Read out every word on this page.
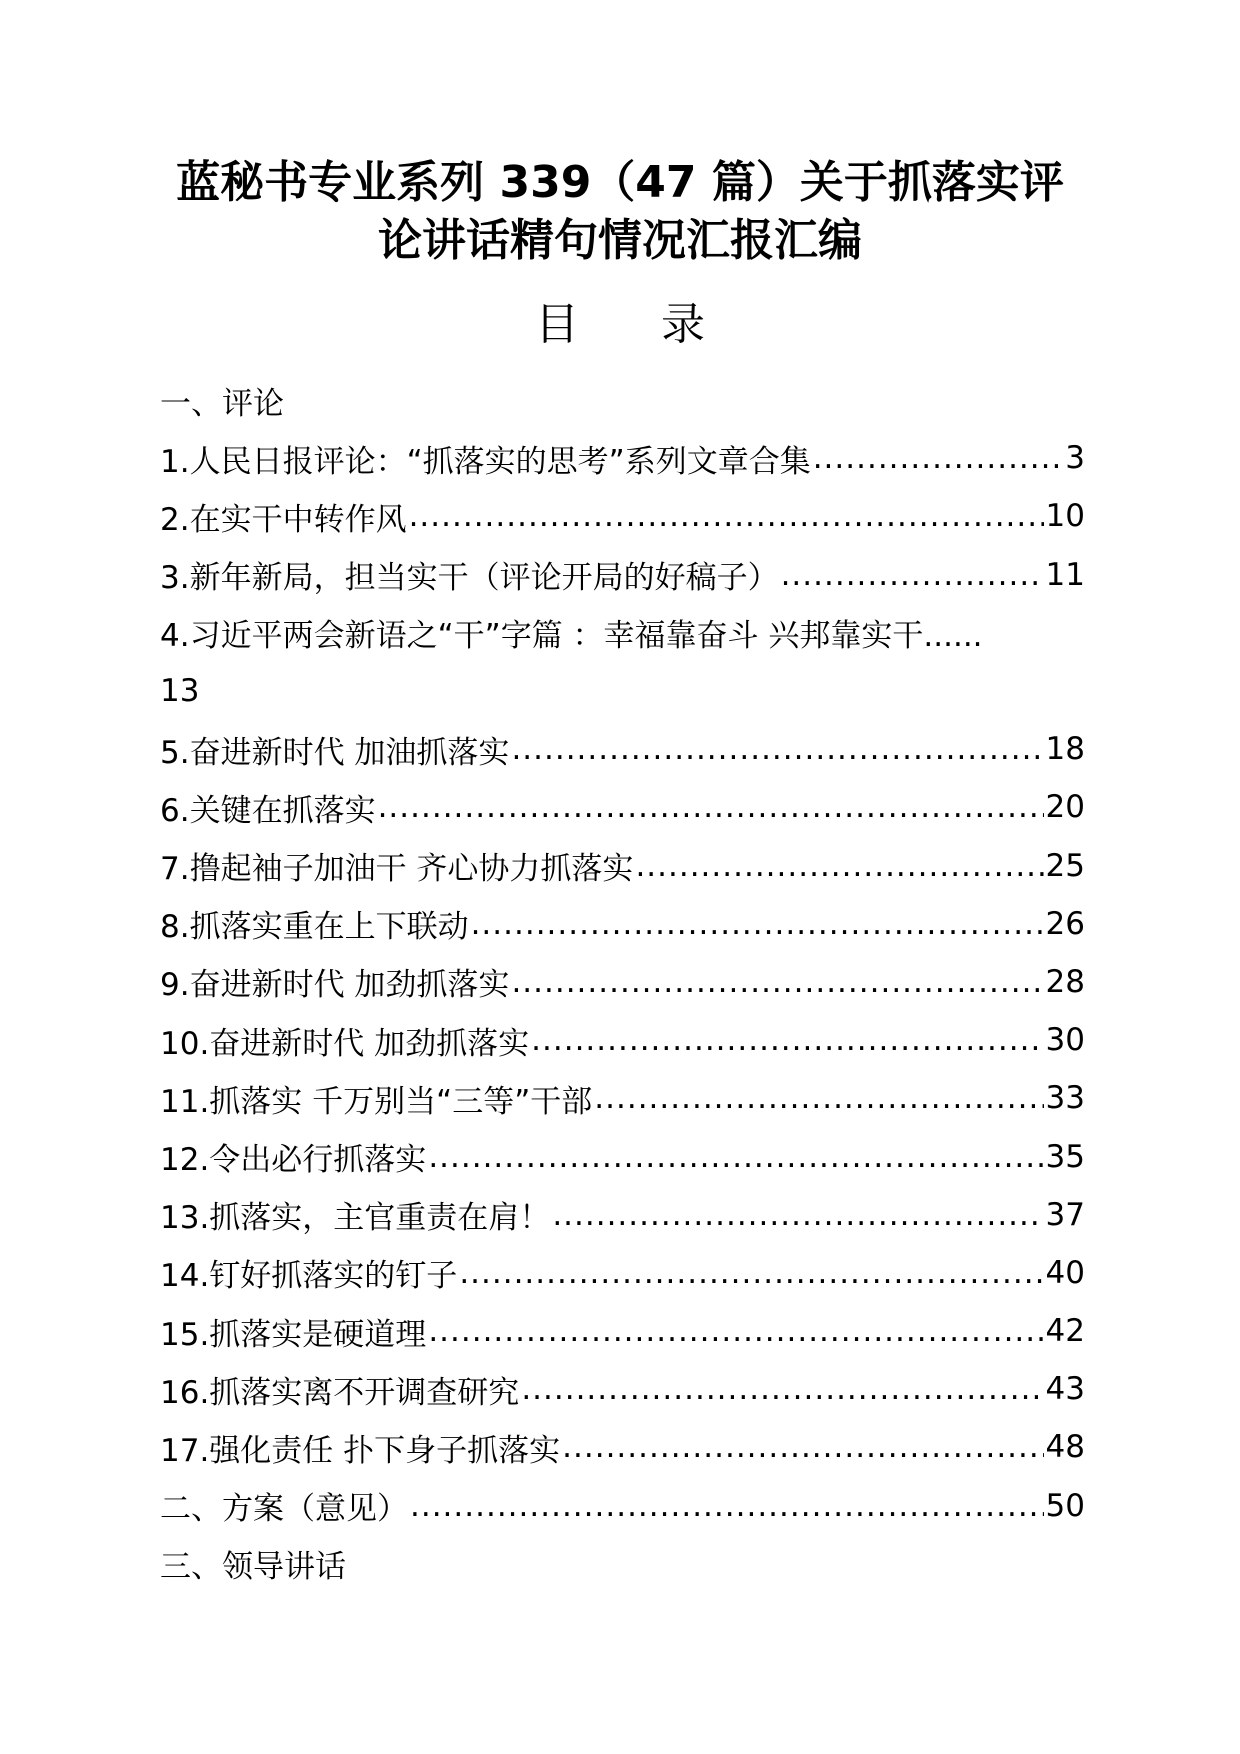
蓝秘书专业系列 339（47 篇）关于抓落实评
论讲话精句情况汇报汇编
目 录
一、评论
1.人民日报评论：“抓落实的思考”系列文章合集 .....	3
2.在实干中转作风 .....	10
3.新年新局，担当实干（评论开局的好稿子） .....	11
4.习近平两会新语之“干”字篇 ：幸福靠奋斗 兴邦靠实干......
13
5.奋进新时代 加油抓落实 .....	18
6.关键在抓落实 .....	20
7.撸起袖子加油干 齐心协力抓落实 .....	25
8.抓落实重在上下联动 .....	26
9.奋进新时代 加劲抓落实 .....	28
10.奋进新时代 加劲抓落实 .....	30
11.抓落实 千万别当“三等”干部 .....	33
12.令出必行抓落实 .....	35
13.抓落实，主官重责在肩！ .....	37
14.钉好抓落实的钉子 .....	40
15.抓落实是硬道理 .....	42
16.抓落实离不开调查研究 .....	43
17.强化责任 扑下身子抓落实 .....	48
二、方案（意见） .....	50
三、领导讲话
